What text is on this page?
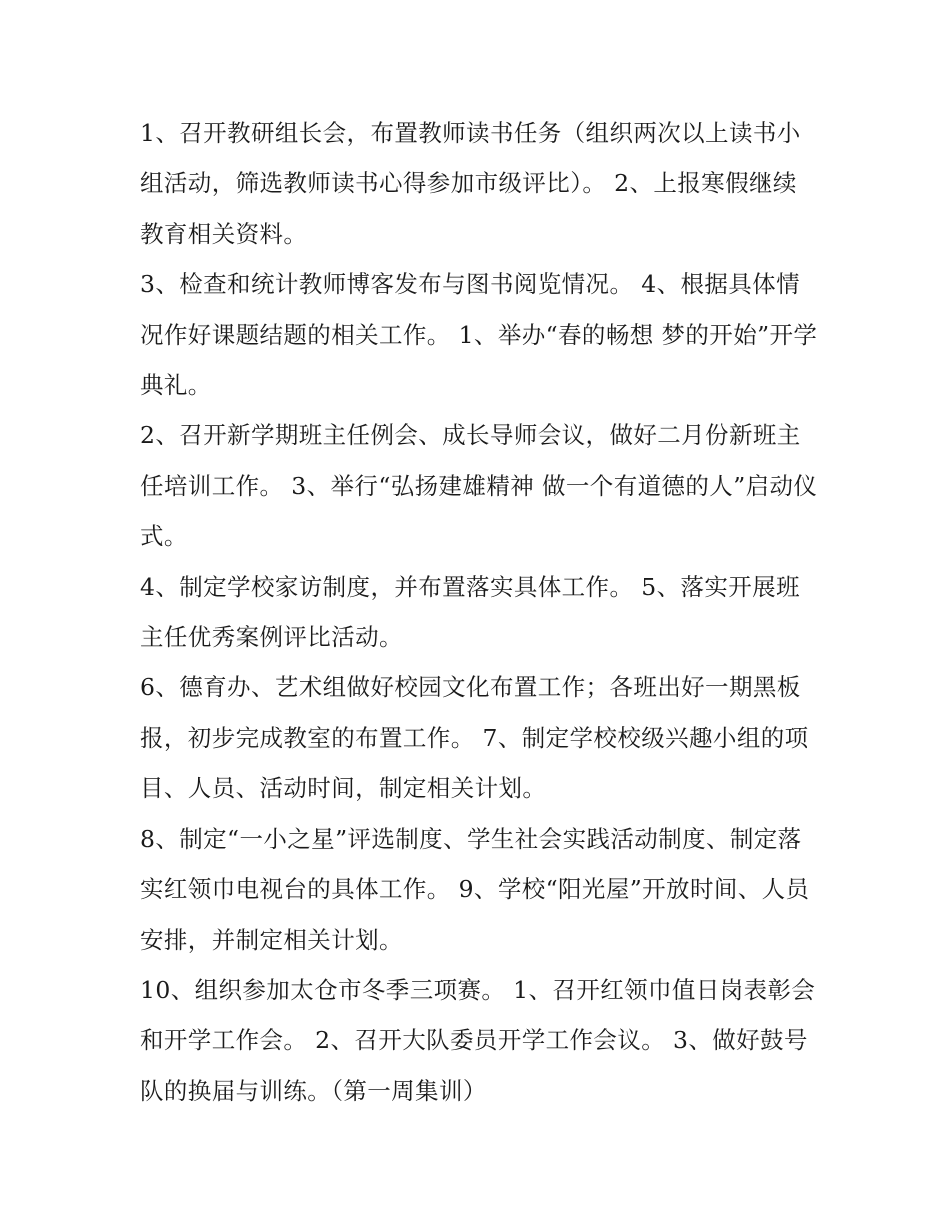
1、召开教研组长会，布置教师读书任务（组织两次以上读书小组活动，筛选教师读书心得参加市级评比）。 2、上报寒假继续教育相关资料。

3、检查和统计教师博客发布与图书阅览情况。 4、根据具体情况作好课题结题的相关工作。 1、举办“春的畅想 梦的开始”开学典礼。

2、召开新学期班主任例会、成长导师会议，做好二月份新班主任培训工作。 3、举行“弘扬建雄精神 做一个有道德的人”启动仪式。

4、制定学校家访制度，并布置落实具体工作。 5、落实开展班主任优秀案例评比活动。

6、德育办、艺术组做好校园文化布置工作；各班出好一期黑板报，初步完成教室的布置工作。 7、制定学校校级兴趣小组的项目、人员、活动时间，制定相关计划。

8、制定“一小之星”评选制度、学生社会实践活动制度、制定落实红领巾电视台的具体工作。 9、学校“阳光屋”开放时间、人员安排，并制定相关计划。

10、组织参加太仓市冬季三项赛。 1、召开红领巾值日岗表彰会和开学工作会。 2、召开大队委员开学工作会议。 3、做好鼓号队的换届与训练。（第一周集训）
